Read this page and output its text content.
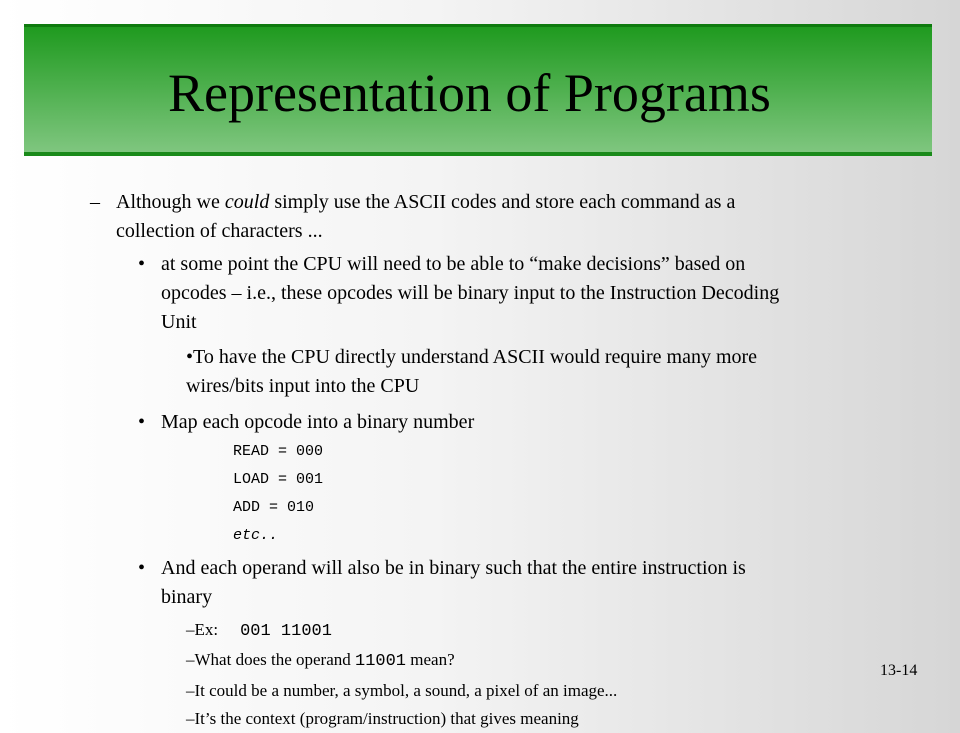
Representation of Programs
– Although we could simply use the ASCII codes and store each command as a
collection of characters ...
• at some point the CPU will need to be able to “make decisions” based on
opcodes – i.e., these opcodes will be binary input to the Instruction Decoding
Unit
•To have the CPU directly understand ASCII would require many more
wires/bits input into the CPU
• Map each opcode into a binary number
READ = 000
LOAD = 001
ADD = 010
etc..
• And each operand will also be in binary such that the entire instruction is
binary
–Ex: 001 11001
–What does the operand 11001 mean?
–It could be a number, a symbol, a sound, a pixel of an image...
–It’s the context (program/instruction) that gives meaning
13-14
